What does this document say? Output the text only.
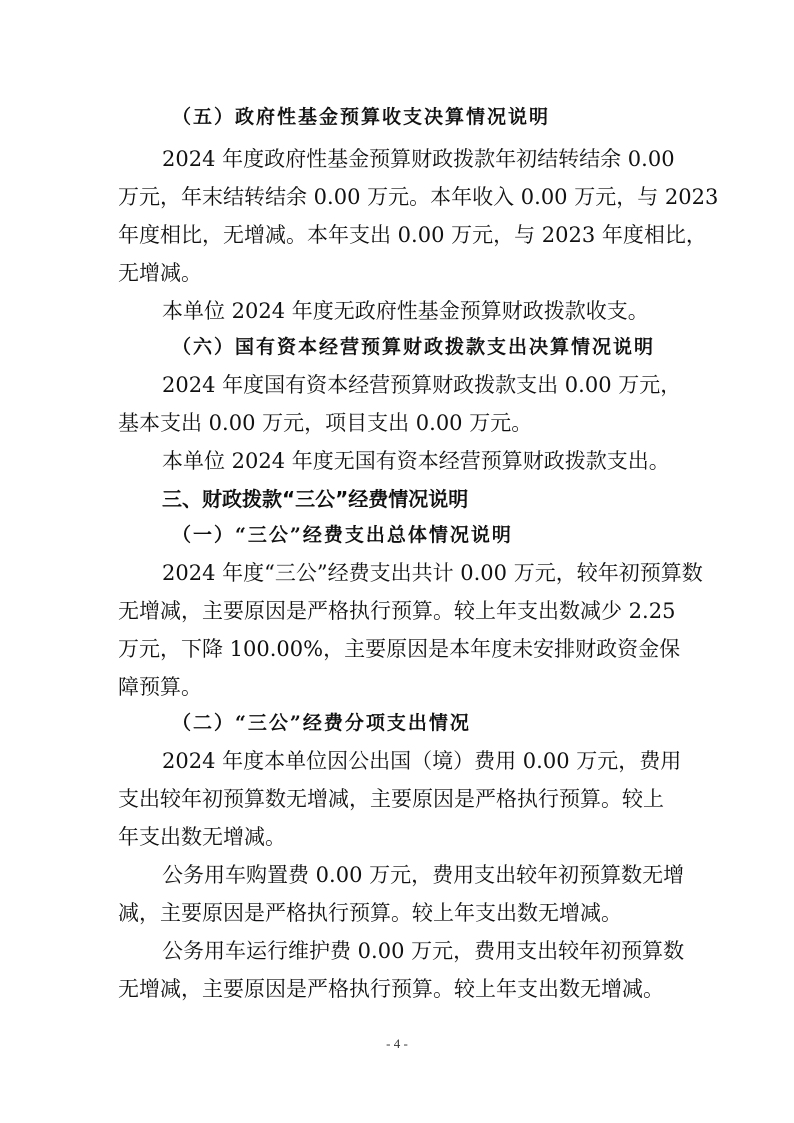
（五）政府性基金预算收支决算情况说明
2024 年度政府性基金预算财政拨款年初结转结余 0.00
万元，年末结转结余 0.00 万元。本年收入 0.00 万元，与 2023
年度相比，无增减。本年支出 0.00 万元，与 2023 年度相比，
无增减。
本单位 2024 年度无政府性基金预算财政拨款收支。
（六）国有资本经营预算财政拨款支出决算情况说明
2024 年度国有资本经营预算财政拨款支出 0.00 万元，
基本支出 0.00 万元，项目支出 0.00 万元。
本单位 2024 年度无国有资本经营预算财政拨款支出。
三、财政拨款“三公”经费情况说明
（一）“三公”经费支出总体情况说明
2024 年度“三公”经费支出共计 0.00 万元，较年初预算数
无增减，主要原因是严格执行预算。较上年支出数减少 2.25
万元，下降 100.00%，主要原因是本年度未安排财政资金保
障预算。
（二）“三公”经费分项支出情况
2024 年度本单位因公出国（境）费用 0.00 万元，费用
支出较年初预算数无增减，主要原因是严格执行预算。较上
年支出数无增减。
公务用车购置费 0.00 万元，费用支出较年初预算数无增
减，主要原因是严格执行预算。较上年支出数无增减。
公务用车运行维护费 0.00 万元，费用支出较年初预算数
无增减，主要原因是严格执行预算。较上年支出数无增减。
- 4 -
